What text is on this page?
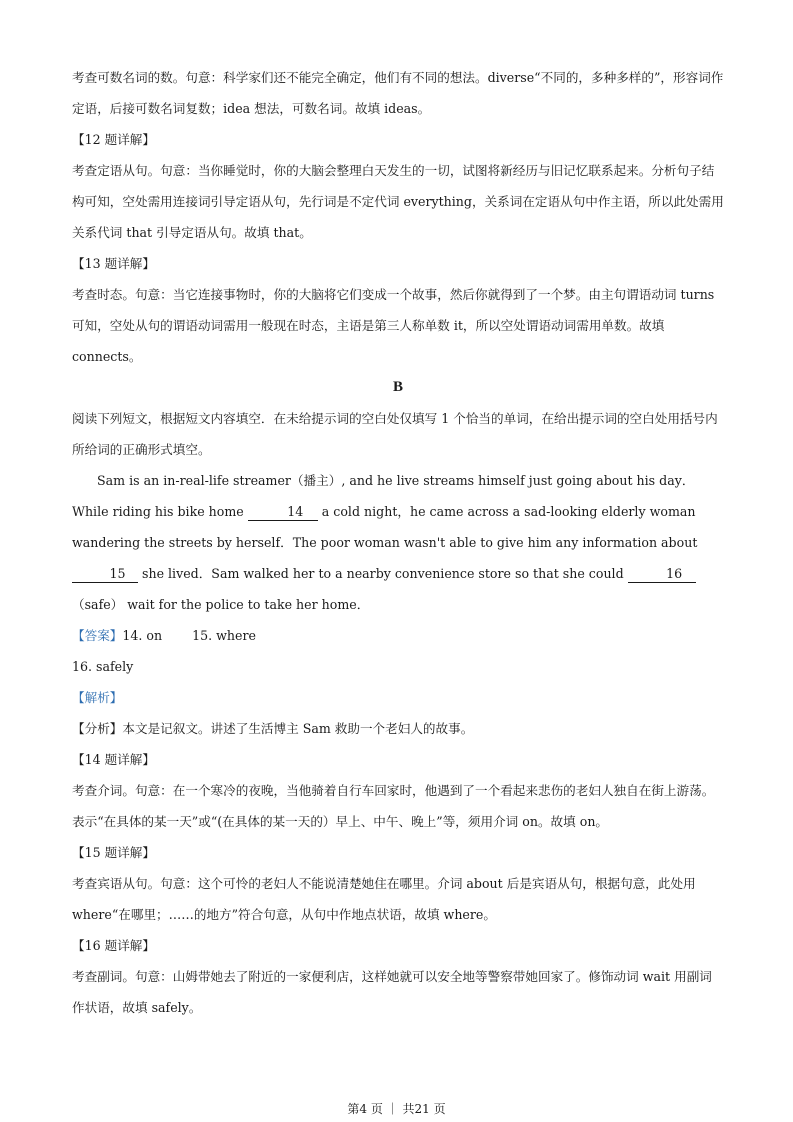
考查可数名词的数。句意：科学家们还不能完全确定，他们有不同的想法。diverse“不同的，多种多样的”，形容词作定语，后接可数名词复数；idea 想法，可数名词。故填 ideas。

【12 题详解】

考查定语从句。句意：当你睡觉时，你的大脑会整理白天发生的一切，试图将新经历与旧记忆联系起来。分析句子结构可知，空处需用连接词引导定语从句，先行词是不定代词 everything，关系词在定语从句中作主语，所以此处需用关系代词 that 引导定语从句。故填 that。

【13 题详解】

考查时态。句意：当它连接事物时，你的大脑将它们变成一个故事，然后你就得到了一个梦。由主句谓语动词 turns 可知，空处从句的谓语动词需用一般现在时态，主语是第三人称单数 it，所以空处谓语动词需用单数。故填 connects。

B

阅读下列短文，根据短文内容填空．在未给提示词的空白处仅填写 1 个恰当的单词，在给出提示词的空白处用括号内所给词的正确形式填空。

Sam is an in-real-life streamer（播主）, and he live streams himself just going about his day．While riding his bike home	14 a cold night，he came across a sad-looking elderly woman wandering the streets by herself．The poor woman wasn't able to give him any information about 15 she lived．Sam walked her to a nearby convenience store so that she could	16（safe） wait for the police to take her home．

【答案】14. on 15. where

16. safely

【解析】

【分析】本文是记叙文。讲述了生活博主 Sam 救助一个老妇人的故事。

【14 题详解】

考查介词。句意：在一个寒冷的夜晚，当他骑着自行车回家时，他遇到了一个看起来悲伤的老妇人独自在街上游荡。表示“在具体的某一天”或“(在具体的某一天的）早上、中午、晚上”等，须用介词 on。故填 on。

【15 题详解】

考查宾语从句。句意：这个可怜的老妇人不能说清楚她住在哪里。介词 about 后是宾语从句，根据句意，此处用 where“在哪里；……的地方”符合句意，从句中作地点状语，故填 where。

【16 题详解】

考查副词。句意：山姆带她去了附近的一家便利店，这样她就可以安全地等警察带她回家了。修饰动词 wait 用副词作状语，故填 safely。

第4 页 ｜ 共21 页
